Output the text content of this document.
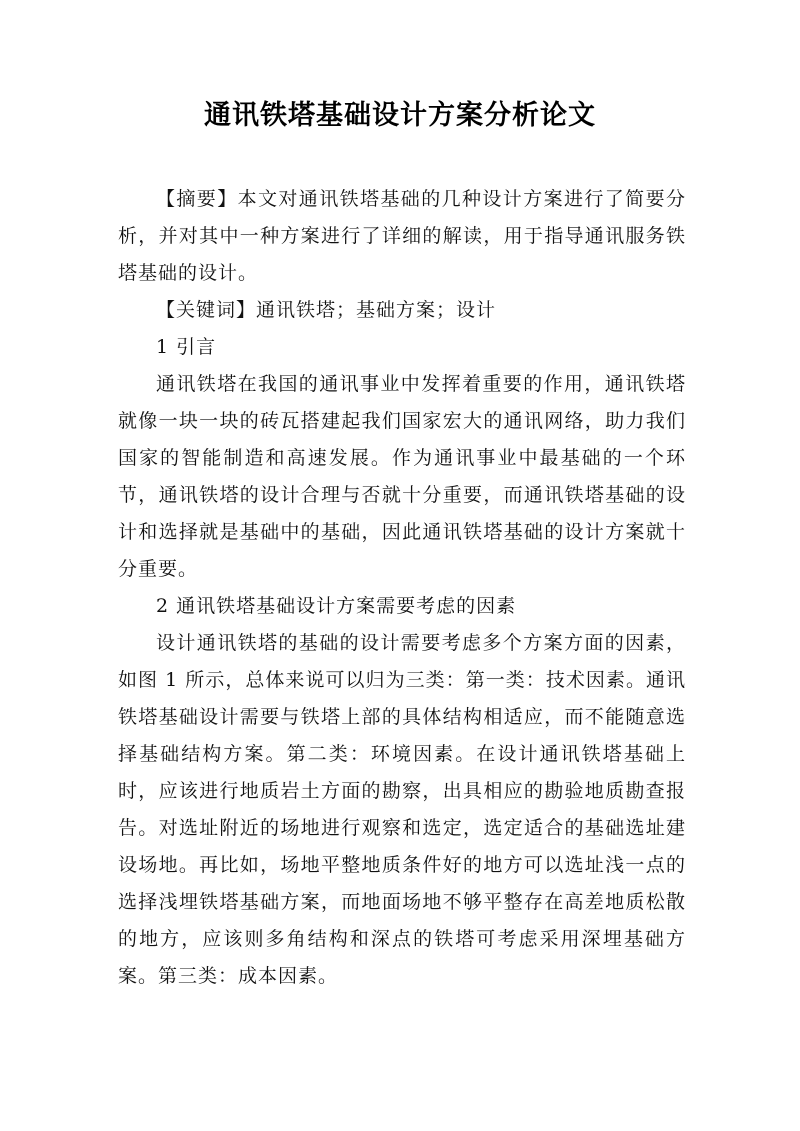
通讯铁塔基础设计方案分析论文

【摘要】本文对通讯铁塔基础的几种设计方案进行了简要分析，并对其中一种方案进行了详细的解读，用于指导通讯服务铁塔基础的设计。

【关键词】通讯铁塔；基础方案；设计

1 引言

通讯铁塔在我国的通讯事业中发挥着重要的作用，通讯铁塔就像一块一块的砖瓦搭建起我们国家宏大的通讯网络，助力我们国家的智能制造和高速发展。作为通讯事业中最基础的一个环节，通讯铁塔的设计合理与否就十分重要，而通讯铁塔基础的设计和选择就是基础中的基础，因此通讯铁塔基础的设计方案就十分重要。

2 通讯铁塔基础设计方案需要考虑的因素

设计通讯铁塔的基础的设计需要考虑多个方案方面的因素，如图 1 所示，总体来说可以归为三类：第一类：技术因素。通讯铁塔基础设计需要与铁塔上部的具体结构相适应，而不能随意选择基础结构方案。第二类：环境因素。在设计通讯铁塔基础上时，应该进行地质岩土方面的勘察，出具相应的勘验地质勘查报告。对选址附近的场地进行观察和选定，选定适合的基础选址建设场地。再比如，场地平整地质条件好的地方可以选址浅一点的选择浅埋铁塔基础方案，而地面场地不够平整存在高差地质松散的地方，应该则多角结构和深点的铁塔可考虑采用深埋基础方案。第三类：成本因素。
